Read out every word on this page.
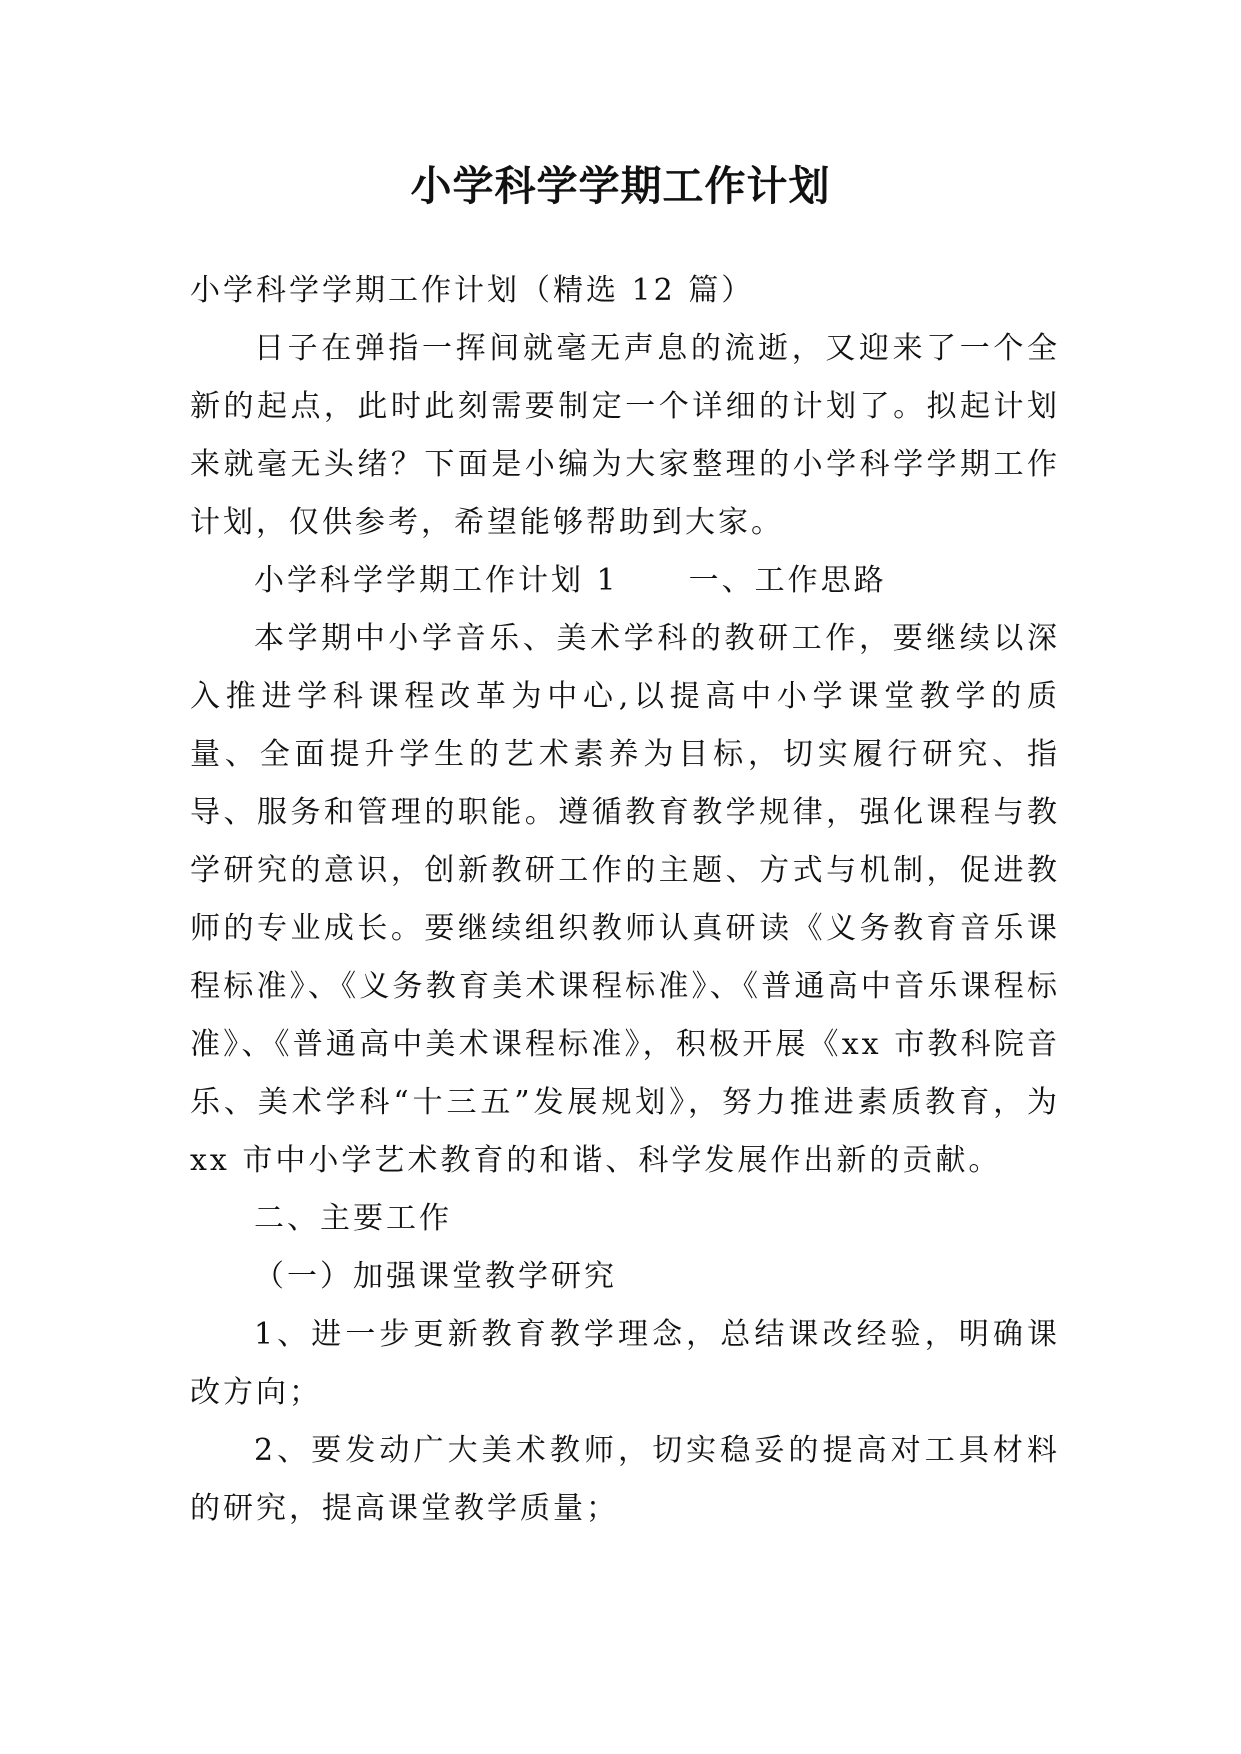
小学科学学期工作计划

小学科学学期工作计划（精选 12 篇）

日子在弹指一挥间就毫无声息的流逝，又迎来了一个全新的起点，此时此刻需要制定一个详细的计划了。拟起计划来就毫无头绪？下面是小编为大家整理的小学科学学期工作计划，仅供参考，希望能够帮助到大家。

小学科学学期工作计划 1 一、工作思路

本学期中小学音乐、美术学科的教研工作，要继续以深入推进学科课程改革为中心,以提高中小学课堂教学的质量、全面提升学生的艺术素养为目标，切实履行研究、指导、服务和管理的职能。遵循教育教学规律，强化课程与教学研究的意识，创新教研工作的主题、方式与机制，促进教师的专业成长。要继续组织教师认真研读《义务教育音乐课程标准》、《义务教育美术课程标准》、《普通高中音乐课程标准》、《普通高中美术课程标准》，积极开展《xx 市教科院音乐、美术学科“十三五”发展规划》，努力推进素质教育，为 xx 市中小学艺术教育的和谐、科学发展作出新的贡献。

二、主要工作

（一）加强课堂教学研究

1、进一步更新教育教学理念，总结课改经验，明确课改方向；

2、要发动广大美术教师，切实稳妥的提高对工具材料的研究，提高课堂教学质量；
